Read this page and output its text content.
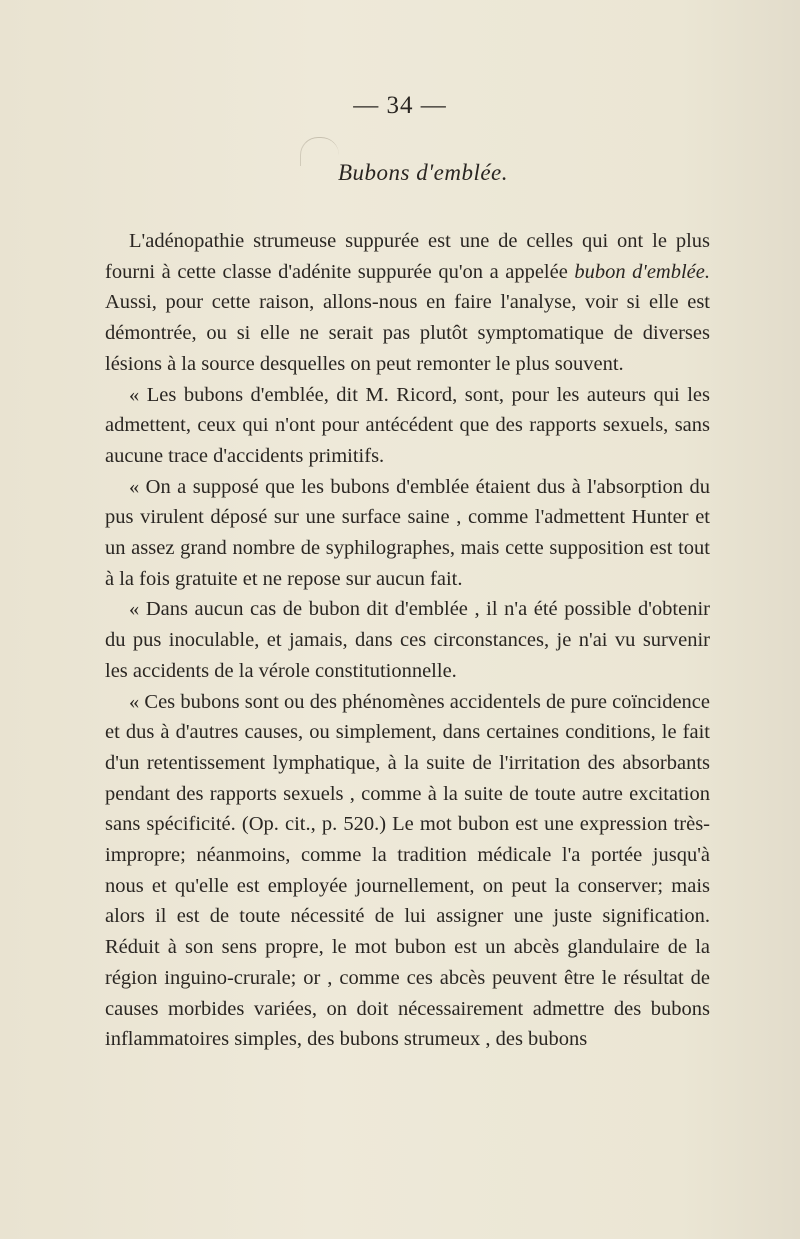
— 34 —
Bubons d'emblée.

L'adénopathie strumeuse suppurée est une de celles qui ont le plus fourni à cette classe d'adénite suppurée qu'on a appelée bubon d'emblée. Aussi, pour cette raison, allons-nous en faire l'analyse, voir si elle est démontrée, ou si elle ne serait pas plutôt symptomatique de diverses lésions à la source desquelles on peut remonter le plus souvent.

« Les bubons d'emblée, dit M. Ricord, sont, pour les auteurs qui les admettent, ceux qui n'ont pour antécédent que des rapports sexuels, sans aucune trace d'accidents primitifs.

« On a supposé que les bubons d'emblée étaient dus à l'absorption du pus virulent déposé sur une surface saine , comme l'admettent Hunter et un assez grand nombre de syphilographes, mais cette supposition est tout à la fois gratuite et ne repose sur aucun fait.

« Dans aucun cas de bubon dit d'emblée , il n'a été possible d'obtenir du pus inoculable, et jamais, dans ces circonstances, je n'ai vu survenir les accidents de la vérole constitutionnelle.

« Ces bubons sont ou des phénomènes accidentels de pure coïncidence et dus à d'autres causes, ou simplement, dans certaines conditions, le fait d'un retentissement lymphatique, à la suite de l'irritation des absorbants pendant des rapports sexuels , comme à la suite de toute autre excitation sans spécificité. (Op. cit., p. 520.) Le mot bubon est une expression très-impropre; néanmoins, comme la tradition médicale l'a portée jusqu'à nous et qu'elle est employée journellement, on peut la conserver; mais alors il est de toute nécessité de lui assigner une juste signification. Réduit à son sens propre, le mot bubon est un abcès glandulaire de la région inguino-crurale; or , comme ces abcès peuvent être le résultat de causes morbides variées, on doit nécessairement admettre des bubons inflammatoires simples, des bubons strumeux , des bubons
